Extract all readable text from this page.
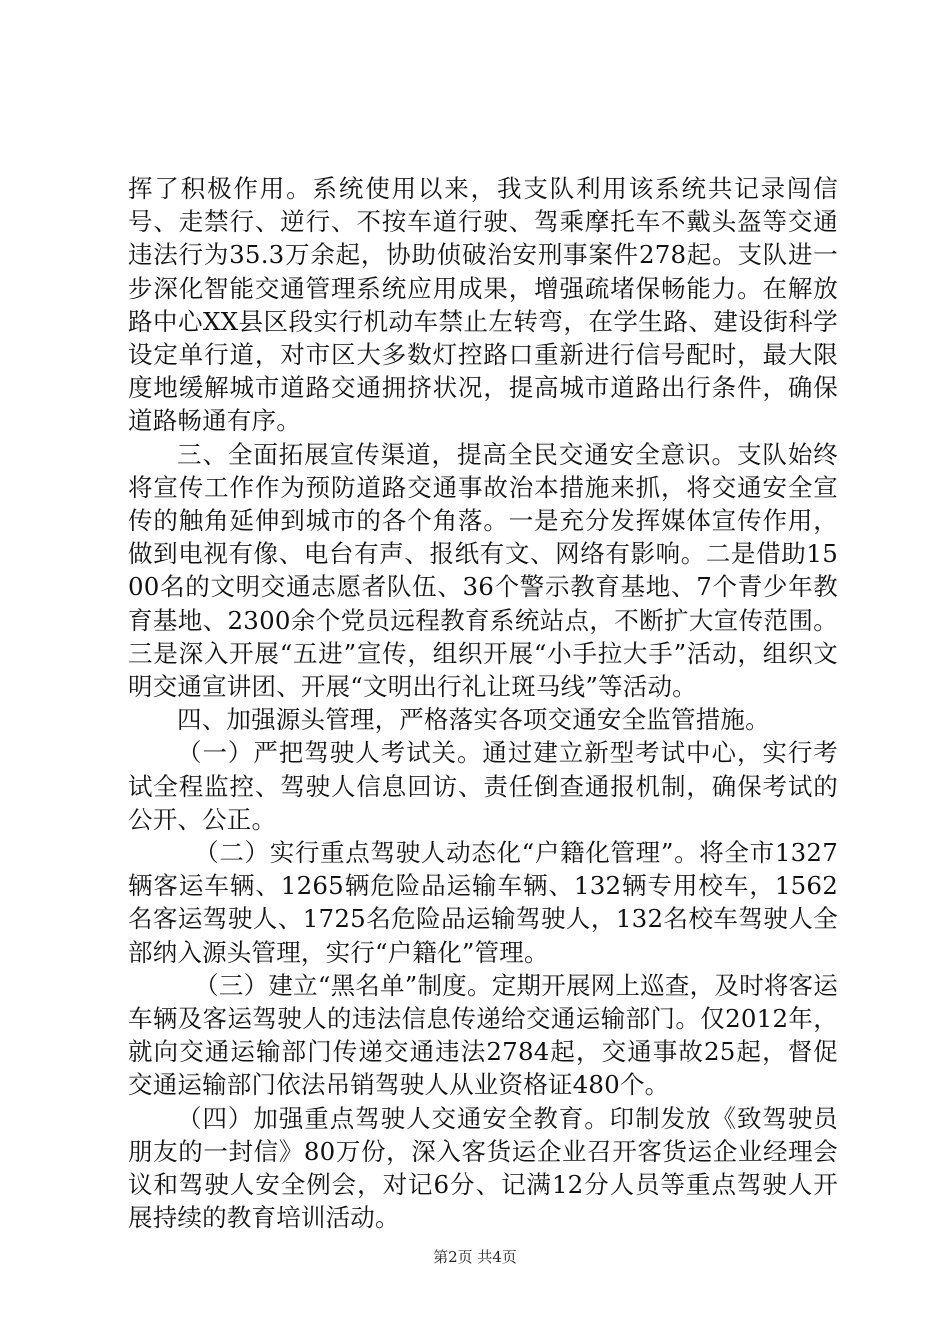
挥了积极作用。系统使用以来，我支队利用该系统共记录闯信号、走禁行、逆行、不按车道行驶、驾乘摩托车不戴头盔等交通违法行为35.3万余起，协助侦破治安刑事案件278起。支队进一步深化智能交通管理系统应用成果，增强疏堵保畅能力。在解放路中心XX县区段实行机动车禁止左转弯，在学生路、建设街科学设定单行道，对市区大多数灯控路口重新进行信号配时，最大限度地缓解城市道路交通拥挤状况，提高城市道路出行条件，确保道路畅通有序。

三、全面拓展宣传渠道，提高全民交通安全意识。支队始终将宣传工作作为预防道路交通事故治本措施来抓，将交通安全宣传的触角延伸到城市的各个角落。一是充分发挥媒体宣传作用，做到电视有像、电台有声、报纸有文、网络有影响。二是借助1500名的文明交通志愿者队伍、36个警示教育基地、7个青少年教育基地、2300余个党员远程教育系统站点，不断扩大宣传范围。三是深入开展“五进”宣传，组织开展“小手拉大手”活动，组织文明交通宣讲团、开展“文明出行礼让斑马线”等活动。

四、加强源头管理，严格落实各项交通安全监管措施。

（一）严把驾驶人考试关。通过建立新型考试中心，实行考试全程监控、驾驶人信息回访、责任倒查通报机制，确保考试的公开、公正。

（二）实行重点驾驶人动态化“户籍化管理”。将全市1327辆客运车辆、1265辆危险品运输车辆、132辆专用校车，1562名客运驾驶人、1725名危险品运输驾驶人，132名校车驾驶人全部纳入源头管理，实行“户籍化”管理。

（三）建立“黑名单”制度。定期开展网上巡查，及时将客运车辆及客运驾驶人的违法信息传递给交通运输部门。仅2012年，就向交通运输部门传递交通违法2784起，交通事故25起，督促交通运输部门依法吊销驾驶人从业资格证480个。

（四）加强重点驾驶人交通安全教育。印制发放《致驾驶员朋友的一封信》80万份，深入客货运企业召开客货运企业经理会议和驾驶人安全例会，对记6分、记满12分人员等重点驾驶人开展持续的教育培训活动。

第2页 共4页
